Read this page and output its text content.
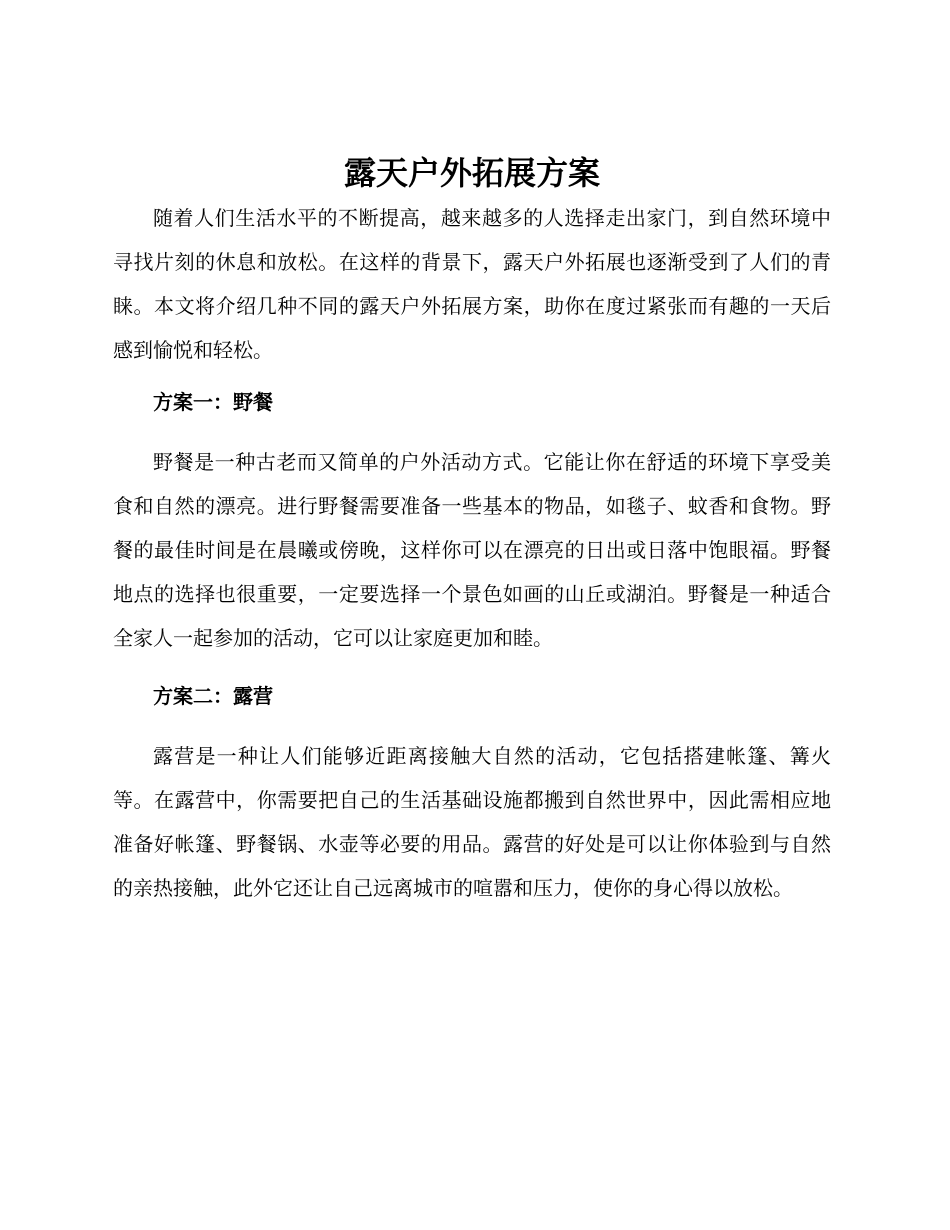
露天户外拓展方案

随着人们生活水平的不断提高，越来越多的人选择走出家门，到自然环境中寻找片刻的休息和放松。在这样的背景下，露天户外拓展也逐渐受到了人们的青睐。本文将介绍几种不同的露天户外拓展方案，助你在度过紧张而有趣的一天后感到愉悦和轻松。

方案一：野餐

野餐是一种古老而又简单的户外活动方式。它能让你在舒适的环境下享受美食和自然的漂亮。进行野餐需要准备一些基本的物品，如毯子、蚊香和食物。野餐的最佳时间是在晨曦或傍晚，这样你可以在漂亮的日出或日落中饱眼福。野餐地点的选择也很重要，一定要选择一个景色如画的山丘或湖泊。野餐是一种适合全家人一起参加的活动，它可以让家庭更加和睦。

方案二：露营

露营是一种让人们能够近距离接触大自然的活动，它包括搭建帐篷、篝火等。在露营中，你需要把自己的生活基础设施都搬到自然世界中，因此需相应地准备好帐篷、野餐锅、水壶等必要的用品。露营的好处是可以让你体验到与自然的亲热接触，此外它还让自己远离城市的喧嚣和压力，使你的身心得以放松。
